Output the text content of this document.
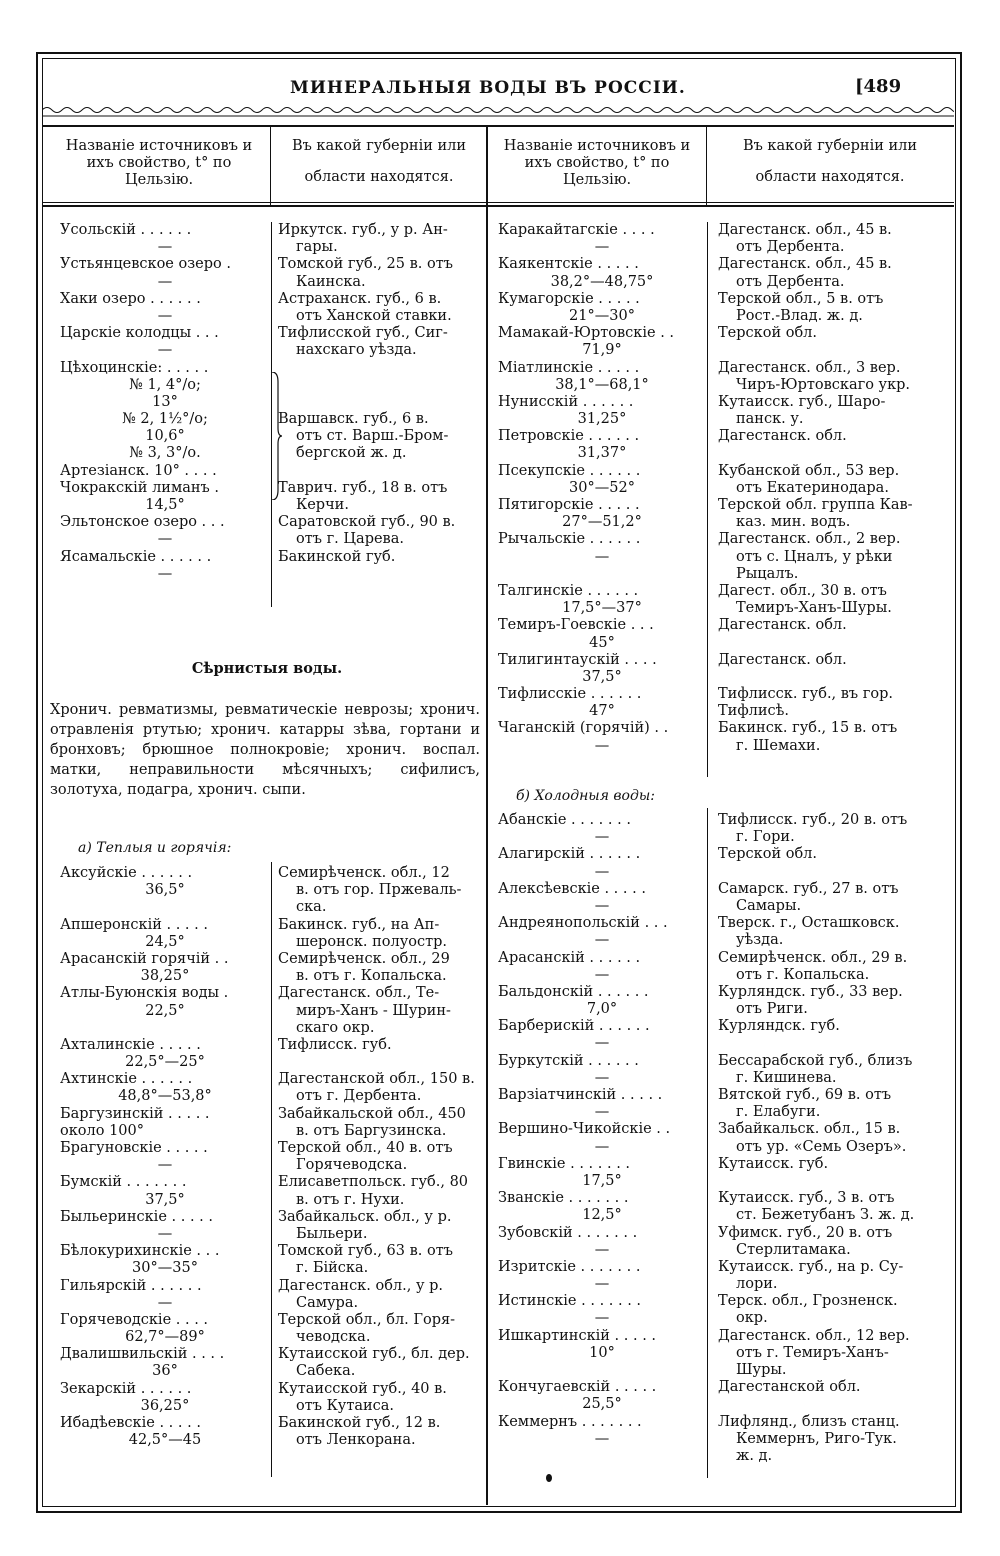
МИНЕРАЛЬНЫЯ ВОДЫ ВЪ РОССІИ.	[489
Названіе источниковъ и
ихъ свойство, t° по
Цельзію.
Въ какой губерніи или
области находятся.
Названіе источниковъ и
ихъ свойство, t° по
Цельзію.
Въ какой губерніи или
области находятся.
Усольскій . . . . . .
—
Устьянцевское озеро .
—
Хаки озеро . . . . . .
—
Царскіе колодцы . . .
—
Цѣхоцинскіе: . . . . .
№ 1, 4°/о;
13°
№ 2, 1½°/о;
10,6°
№ 3, 3°/о.
Артезіанск. 10° . . . .
Чокракскій лиманъ .
14,5°
Эльтонское озеро . . .
—
Ясамальскіе . . . . . .
—
Иркутск. губ., у р. Ан-
гары.
Томской губ., 25 в. отъ
Каинска.
Астраханск. губ., 6 в.
отъ Ханской ставки.
Тифлисской губ., Сиг-
нахскаго уѣзда.
Варшавск. губ., 6 в.
отъ ст. Варш.-Бром-
бергской ж. д.
Таврич. губ., 18 в. отъ
Керчи.
Саратовской губ., 90 в.
отъ г. Царева.
Бакинской губ.
Сѣрнистыя воды.
Хронич. ревматизмы, ревматическіе неврозы; хронич. отравленія ртутью; хронич. катарры зѣва, гортани и бронховъ; брюшное полнокровіе; хронич. воспал. матки, неправильности мѣсячныхъ; сифилисъ, золотуха, подагра, хронич. сыпи.
а) Теплыя и горячія:
б) Холодныя воды:
Аксуйскіе . . . . . .
36,5°
Апшеронскій . . . . .
24,5°
Арасанскій горячій . .
38,25°
Атлы-Буюнскія воды .
22,5°
Ахталинскіе . . . . .
22,5°—25°
Ахтинскіе . . . . . .
48,8°—53,8°
Баргузинскій . . . . .
около 100°
Брагуновскіе . . . . .
—
Бумскій . . . . . . .
37,5°
Быльеринскіе . . . . .
—
Бѣлокурихинскіе . . .
30°—35°
Гильярскій . . . . . .
—
Горячеводскіе . . . .
62,7°—89°
Двалишвильскій . . . .
36°
Зекарскій . . . . . .
36,25°
Ибадѣевскіе . . . . .
42,5°—45
Семирѣченск. обл., 12
в. отъ гор. Пржеваль-
ска.
Бакинск. губ., на Ап-
шеронск. полуостр.
Семирѣченск. обл., 29
в. отъ г. Копальска.
Дагестанск. обл., Те-
миръ-Ханъ - Шурин-
скаго окр.
Тифлисск. губ.
Дагестанской обл., 150 в.
отъ г. Дербента.
Забайкальской обл., 450
в. отъ Баргузинска.
Терской обл., 40 в. отъ
Горячеводска.
Елисаветпольск. губ., 80
в. отъ г. Нухи.
Забайкальск. обл., у р.
Быльери.
Томской губ., 63 в. отъ
г. Бійска.
Дагестанск. обл., у р.
Самура.
Терской обл., бл. Горя-
чеводска.
Кутаисской губ., бл. дер.
Сабека.
Кутаисской губ., 40 в.
отъ Кутаиса.
Бакинской губ., 12 в.
отъ Ленкорана.
Каракайтагскіе . . . .
—
Каякентскіе . . . . .
38,2°—48,75°
Кумагорскіе . . . . .
21°—30°
Мамакай-Юртовскіе . .
71,9°
Міатлинскіе . . . . .
38,1°—68,1°
Нунисскій . . . . . .
31,25°
Петровскіе . . . . . .
31,37°
Псекупскіе . . . . . .
30°—52°
Пятигорскіе . . . . .
27°—51,2°
Рычальскіе . . . . . .
—
Талгинскіе . . . . . .
17,5°—37°
Темиръ-Гоевскіе . . .
45°
Тилигинтаускій . . . .
37,5°
Тифлисскіе . . . . . .
47°
Чаганскій (горячій) . .
—
Дагестанск. обл., 45 в.
отъ Дербента.
Дагестанск. обл., 45 в.
отъ Дербента.
Терской обл., 5 в. отъ
Рост.-Влад. ж. д.
Терской обл.
Дагестанск. обл., 3 вер.
Чиръ-Юртовскаго укр.
Кутаисск. губ., Шаро-
панск. у.
Дагестанск. обл.
Кубанской обл., 53 вер.
отъ Екатеринодара.
Терской обл. группа Кав-
каз. мин. водъ.
Дагестанск. обл., 2 вер.
отъ с. Цналъ, у рѣки
Рыцалъ.
Дагест. обл., 30 в. отъ
Темиръ-Ханъ-Шуры.
Дагестанск. обл.
Дагестанск. обл.
Тифлисск. губ., въ гор.
Тифлисѣ.
Бакинск. губ., 15 в. отъ
г. Шемахи.
Абанскіе . . . . . . .
—
Алагирскій . . . . . .
—
Алексѣевскіе . . . . .
—
Андреянопольскій . . .
—
Арасанскій . . . . . .
—
Бальдонскій . . . . . .
7,0°
Барберискій . . . . . .
—
Буркутскій . . . . . .
—
Варзіатчинскій . . . . .
—
Вершино-Чикойскіе . .
—
Гвинскіе . . . . . . .
17,5°
Званскіе . . . . . . .
12,5°
Зубовскій . . . . . . .
—
Изритскіе . . . . . . .
—
Истинскіе . . . . . . .
—
Ишкартинскій . . . . .
10°
Кончугаевскій . . . . .
25,5°
Кеммернъ . . . . . . .
—
Тифлисск. губ., 20 в. отъ
г. Гори.
Терской обл.
Самарск. губ., 27 в. отъ
Самары.
Тверск. г., Осташковск.
уѣзда.
Семирѣченск. обл., 29 в.
отъ г. Копальска.
Курляндск. губ., 33 вер.
отъ Риги.
Курляндск. губ.
Бессарабской губ., близъ
г. Кишинева.
Вятской губ., 69 в. отъ
г. Елабуги.
Забайкальск. обл., 15 в.
отъ ур. «Семь Озеръ».
Кутаисск. губ.
Кутаисск. губ., 3 в. отъ
ст. Бежетубанъ З. ж. д.
Уфимск. губ., 20 в. отъ
Стерлитамака.
Кутаисск. губ., на р. Су-
лори.
Терск. обл., Грозненск.
окр.
Дагестанск. обл., 12 вер.
отъ г. Темиръ-Ханъ-
Шуры.
Дагестанской обл.
Лифлянд., близъ станц.
Кеммернъ, Риго-Тук.
ж. д.
